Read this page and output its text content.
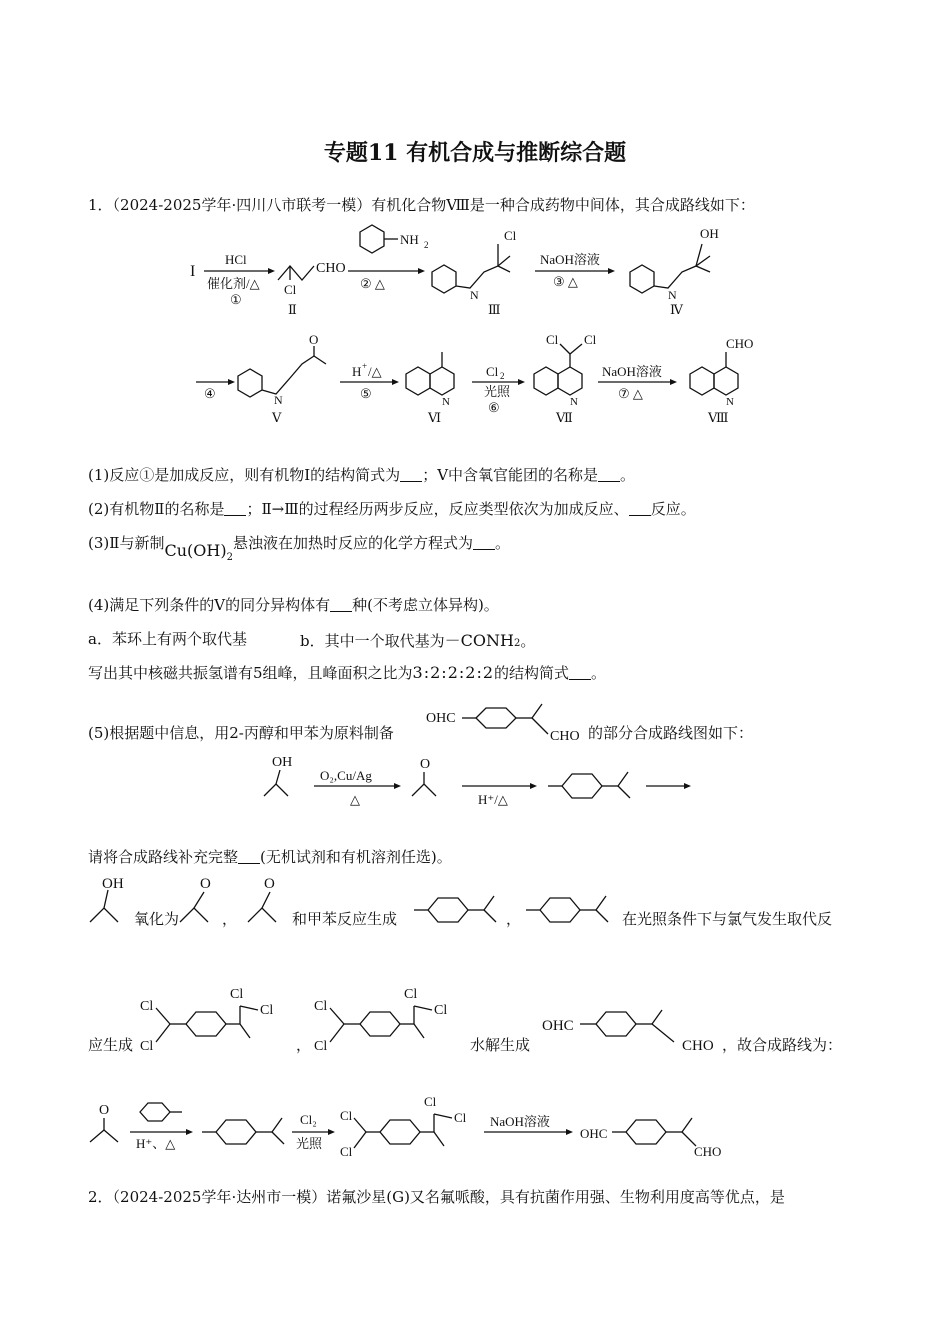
专题11 有机合成与推断综合题
1．（2024-2025学年·四川八市联考一模）有机化合物Ⅷ是一种合成药物中间体，其合成路线如下：
I
HCl
催化剂/△
①
CHO
Cl
Ⅱ
NH 2
② △
Cl
N
Ⅲ
NaOH溶液
③ △
OH
N
Ⅳ
④
O
N
Ⅴ
H + /△
⑤
N
Ⅵ
Cl 2
光照
⑥
Cl Cl
N
Ⅶ
NaOH溶液
⑦ △
CHO
N
Ⅷ
(1)反应①是加成反应，则有机物Ⅰ的结构简式为 ；Ⅴ中含氧官能团的名称是 。
(2)有机物Ⅱ的名称是 ；Ⅱ→Ⅲ的过程经历两步反应，反应类型依次为加成反应、 反应。
(3)Ⅱ与新制$Cu(OH)_2$悬浊液在加热时反应的化学方程式为 。
(4)满足下列条件的Ⅴ的同分异构体有 种(不考虑立体异构)。
a．苯环上有两个取代基	b．其中一个取代基为－CONH2。
写出其中核磁共振氢谱有5组峰，且峰面积之比为3:2:2:2:2的结构简式 。
(5)根据题中信息，用2-丙醇和甲苯为原料制备
OHC
CHO 的部分合成路线图如下：
OH
O₂,Cu/Ag
△
O
H⁺/△
请将合成路线补充完整 (无机试剂和有机溶剂任选)。
OH
氧化为
O
，
O
和甲苯反应生成	，	在光照条件下与氯气发生取代反
应生成
Cl
Cl
Cl
Cl
，
Cl
Cl
Cl
Cl
水解生成
OHC
CHO ，故合成路线为：
O
H⁺、△
Cl₂
光照
Cl
Cl
Cl
Cl NaOH溶液
OHC
CHO
2．（2024-2025学年·达州市一模）诺氟沙星(G)又名氟哌酸，具有抗菌作用强、生物利用度高等优点，是
